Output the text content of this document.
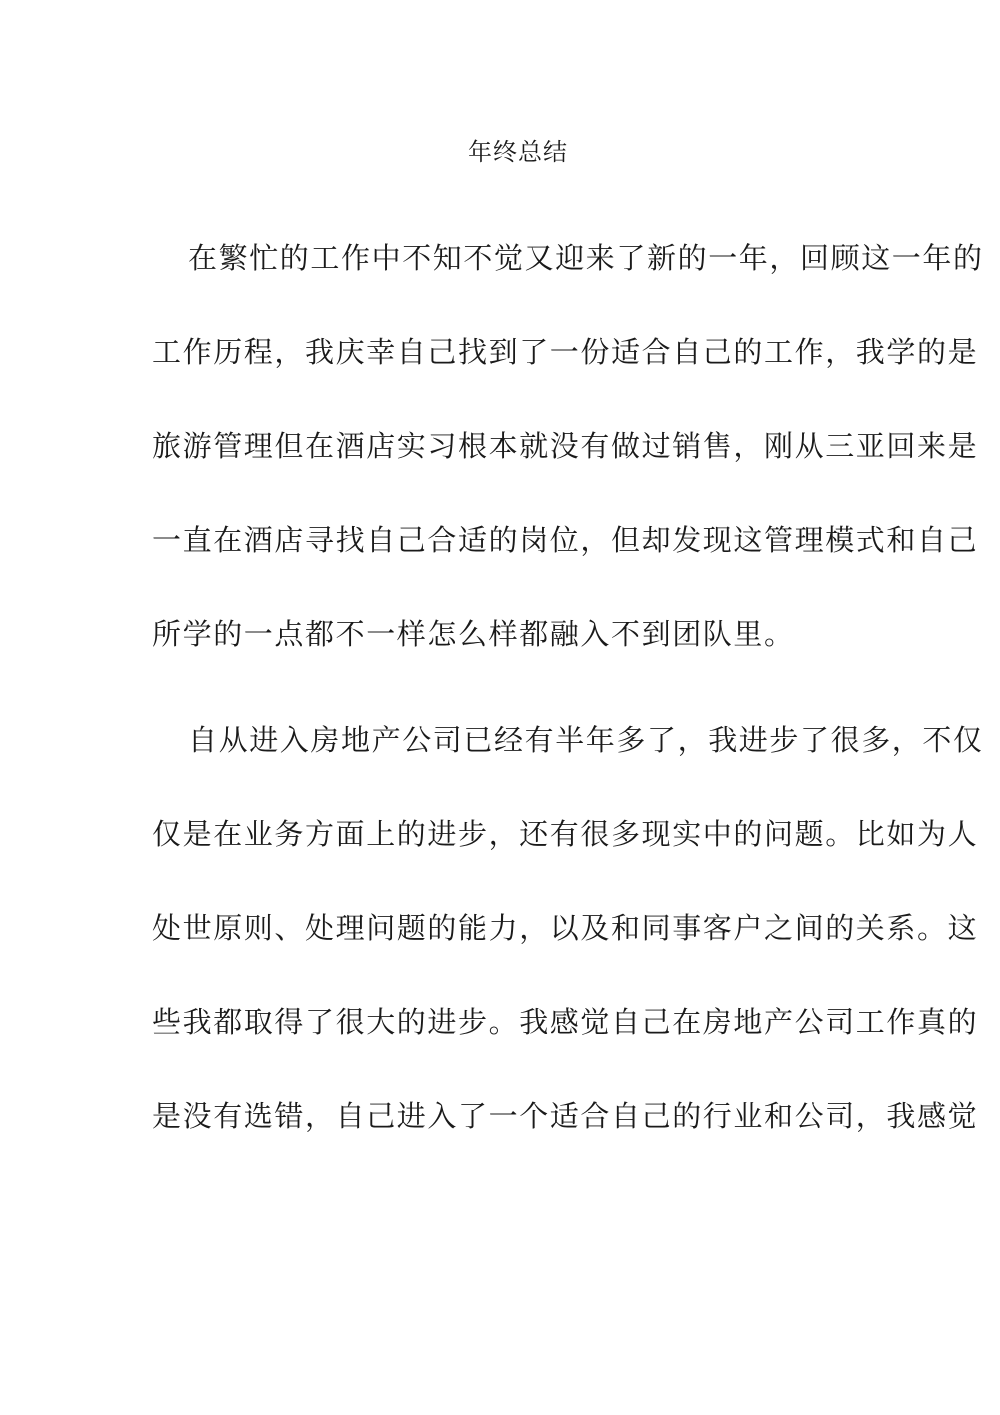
年终总结
在繁忙的工作中不知不觉又迎来了新的一年，回顾这一年的
工作历程，我庆幸自己找到了一份适合自己的工作，我学的是
旅游管理但在酒店实习根本就没有做过销售，刚从三亚回来是
一直在酒店寻找自己合适的岗位，但却发现这管理模式和自己
所学的一点都不一样怎么样都融入不到团队里。
自从进入房地产公司已经有半年多了，我进步了很多，不仅
仅是在业务方面上的进步，还有很多现实中的问题。比如为人
处世原则、处理问题的能力，以及和同事客户之间的关系。这
些我都取得了很大的进步。我感觉自己在房地产公司工作真的
是没有选错，自己进入了一个适合自己的行业和公司，我感觉
